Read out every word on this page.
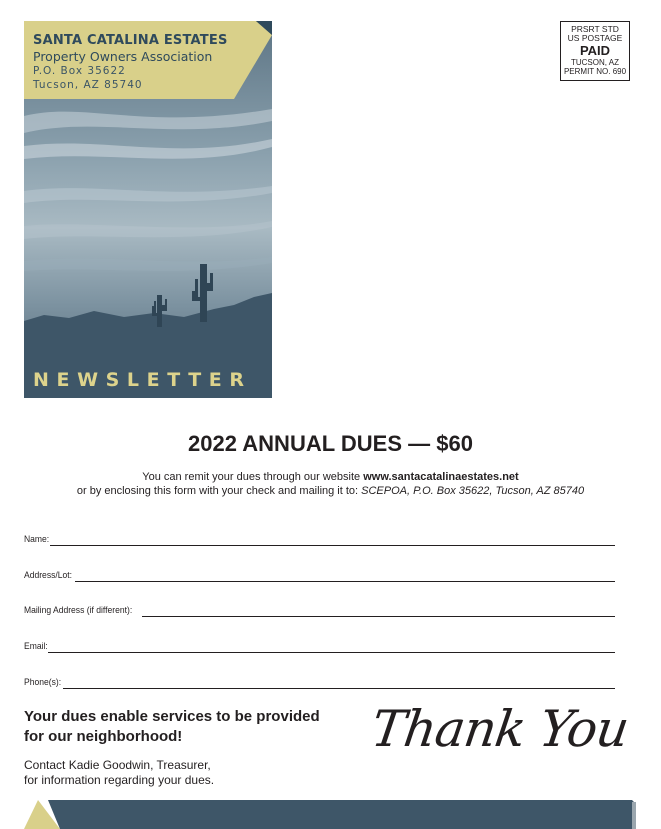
SANTA CATALINA ESTATES
Property Owners Association
P.O. Box 35622
Tucson, AZ 85740
NEWSLETTER
PRSRT STD
US POSTAGE
PAID
TUCSON, AZ
PERMIT NO. 690
2022 ANNUAL DUES — $60
You can remit your dues through our website www.santacatalinaestates.net
or by enclosing this form with your check and mailing it to: SCEPOA, P.O. Box 35622, Tucson, AZ 85740
Name:
Address/Lot:
Mailing Address (if different):
Email:
Phone(s):
Your dues enable services to be provided
for our neighborhood!
Contact Kadie Goodwin, Treasurer,
for information regarding your dues.
Thank You
